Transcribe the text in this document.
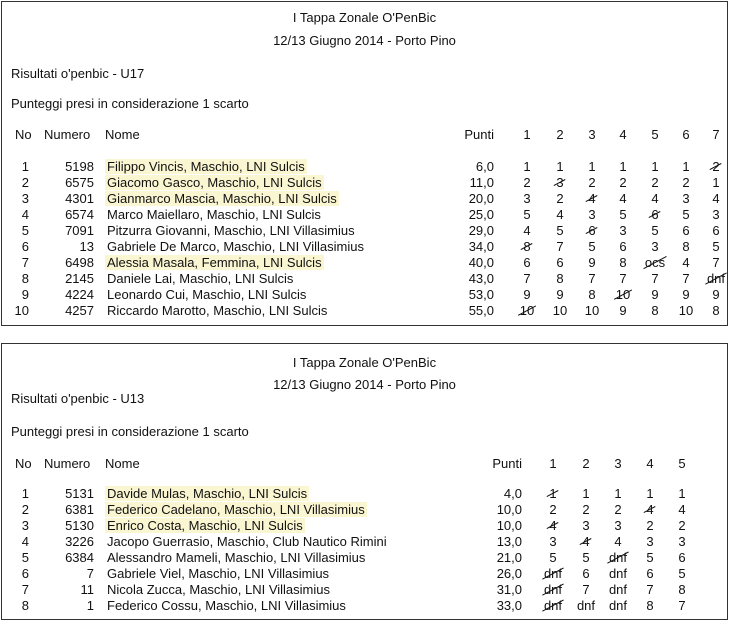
I Tappa Zonale O'PenBic
12/13 Giugno 2014 - Porto Pino
Risultati o'penbic - U17
Punteggi presi in considerazione 1 scarto
No Numero Nome	Punti	1	2	3	4	5	6	7
1	5198 Filippo Vincis, Maschio, LNI Sulcis	6,0	1	1	1	1	1	1	2
2	6575 Giacomo Gasco, Maschio, LNI Sulcis	11,0	2	3	2	2	2	2	1
3	4301 Gianmarco Mascia, Maschio, LNI Sulcis	20,0	3	2	4	4	4	3	4
4	6574 Marco Maiellaro, Maschio, LNI Sulcis	25,0	5	4	3	5	6	5	3
5	7091 Pitzurra Giovanni, Maschio, LNI Villasimius	29,0	4	5	6	3	5	6	6
6	13 Gabriele De Marco, Maschio, LNI Villasimius	34,0	8	7	5	6	3	8	5
7	6498 Alessia Masala, Femmina, LNI Sulcis	40,0	6	6	9	8	ocs	4	7
8	2145 Daniele Lai, Maschio, LNI Sulcis	43,0	7	8	7	7	7	7	dnf
9	4224 Leonardo Cui, Maschio, LNI Sulcis	53,0	9	9	8	10	9	9	9
10	4257 Riccardo Marotto, Maschio, LNI Sulcis	55,0	10	10	10	9	8	10	8
I Tappa Zonale O'PenBic
12/13 Giugno 2014 - Porto Pino
Risultati o'penbic - U13
Punteggi presi in considerazione 1 scarto
No Numero Nome	Punti	1	2	3	4	5
1	5131 Davide Mulas, Maschio, LNI Sulcis	4,0	1	1	1	1	1
2	6381 Federico Cadelano, Maschio, LNI Villasimius	10,0	2	2	2	4	4
3	5130 Enrico Costa, Maschio, LNI Sulcis	10,0	4	3	3	2	2
4	3226 Jacopo Guerrasio, Maschio, Club Nautico Rimini	13,0	3	4	4	3	3
5	6384 Alessandro Mameli, Maschio, LNI Villasimius	21,0	5	5	dnf	5	6
6	7 Gabriele Viel, Maschio, LNI Villasimius	26,0	dnf	6	dnf	6	5
7	11 Nicola Zucca, Maschio, LNI Villasimius	31,0	dnf	7	dnf	7	8
8	1 Federico Cossu, Maschio, LNI Villasimius	33,0	dnf	dnf	dnf	8	7
